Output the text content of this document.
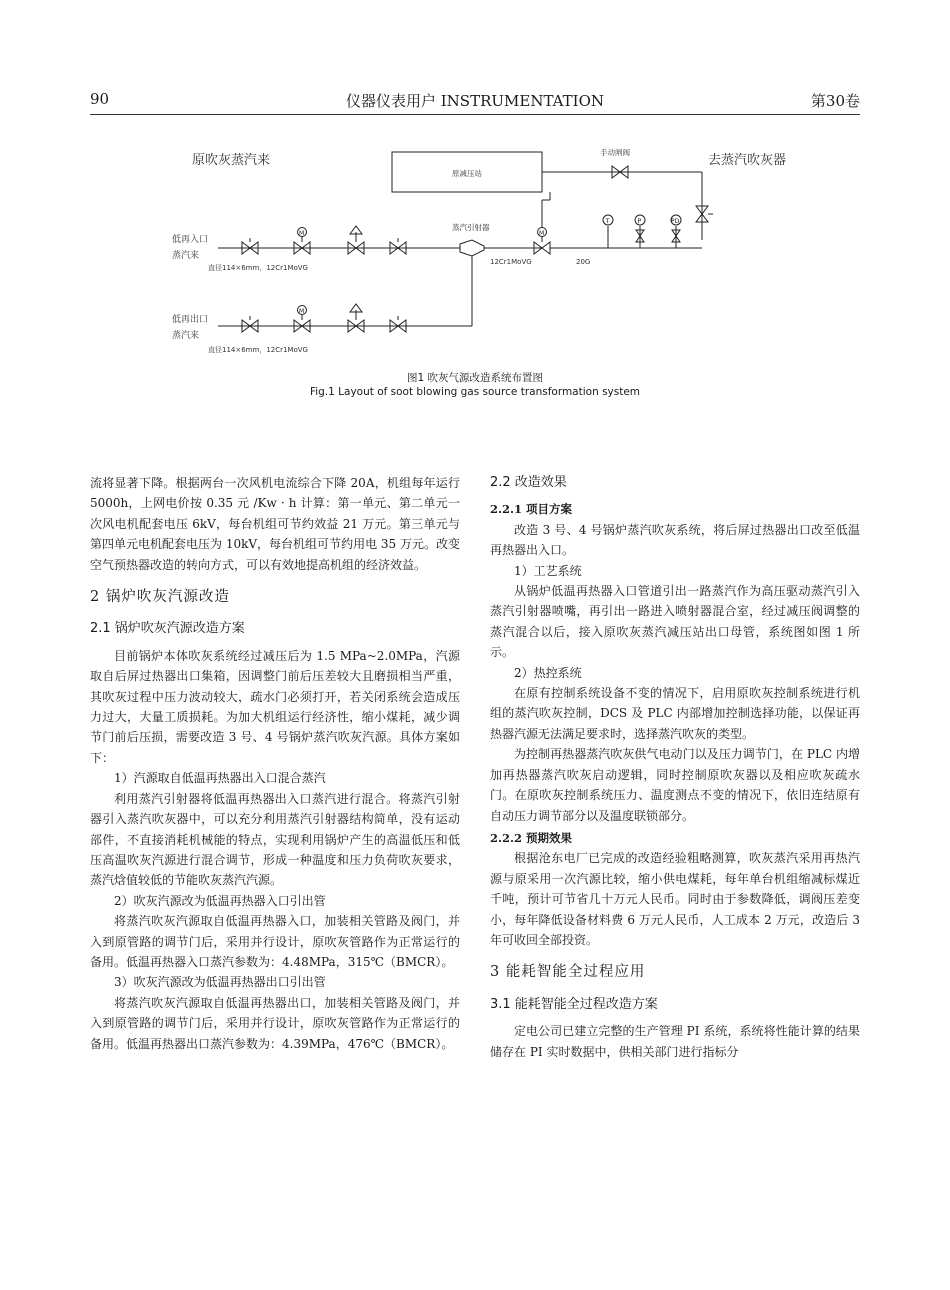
90	仪器仪表用户 INSTRUMENTATION	第30卷
原吹灰蒸汽来
原减压站
手动闸阀
去蒸汽吹灰器
蒸汽引射器
低再入口
蒸汽来
直径114×6mm，12Cr1MoVG
M
12Cr1MoVG
M
20G
T	P	PD
低再出口
蒸汽来
直径114×6mm，12Cr1MoVG
M
图1 吹灰气源改造系统布置图
Fig.1 Layout of soot blowing gas source transformation system

流将显著下降。根据两台一次风机电流综合下降 20A，机组每年运行 5000h，上网电价按 0.35 元 /Kw · h 计算：第一单元、第二单元一次风电机配套电压 6kV，每台机组可节约效益 21 万元。第三单元与第四单元电机配套电压为 10kV，每台机组可节约用电 35 万元。改变空气预热器改造的转向方式，可以有效地提高机组的经济效益。

2 锅炉吹灰汽源改造
2.1 锅炉吹灰汽源改造方案

目前锅炉本体吹灰系统经过减压后为 1.5 MPa~2.0MPa，汽源取自后屏过热器出口集箱，因调整门前后压差较大且磨损相当严重，其吹灰过程中压力波动较大，疏水门必须打开，若关闭系统会造成压力过大，大量工质损耗。为加大机组运行经济性，缩小煤耗，减少调节门前后压损，需要改造 3 号、4 号锅炉蒸汽吹灰汽源。具体方案如下：

1）汽源取自低温再热器出入口混合蒸汽

利用蒸汽引射器将低温再热器出入口蒸汽进行混合。将蒸汽引射器引入蒸汽吹灰器中，可以充分利用蒸汽引射器结构简单，没有运动部件，不直接消耗机械能的特点，实现利用锅炉产生的高温低压和低压高温吹灰汽源进行混合调节，形成一种温度和压力负荷吹灰要求，蒸汽焓值较低的节能吹灰蒸汽汽源。

2）吹灰汽源改为低温再热器入口引出管

将蒸汽吹灰汽源取自低温再热器入口，加装相关管路及阀门，并入到原管路的调节门后，采用并行设计，原吹灰管路作为正常运行的备用。低温再热器入口蒸汽参数为：4.48MPa，315℃（BMCR）。

3）吹灰汽源改为低温再热器出口引出管

将蒸汽吹灰汽源取自低温再热器出口，加装相关管路及阀门，并入到原管路的调节门后，采用并行设计，原吹灰管路作为正常运行的备用。低温再热器出口蒸汽参数为：4.39MPa，476℃（BMCR）。

2.2 改造效果
2.2.1 项目方案

改造 3 号、4 号锅炉蒸汽吹灰系统，将后屏过热器出口改至低温再热器出入口。

1）工艺系统

从锅炉低温再热器入口管道引出一路蒸汽作为高压驱动蒸汽引入蒸汽引射器喷嘴，再引出一路进入喷射器混合室，经过减压阀调整的蒸汽混合以后，接入原吹灰蒸汽减压站出口母管，系统图如图 1 所示。

2）热控系统

在原有控制系统设备不变的情况下，启用原吹灰控制系统进行机组的蒸汽吹灰控制，DCS 及 PLC 内部增加控制选择功能，以保证再热器汽源无法满足要求时，选择蒸汽吹灰的类型。

为控制再热器蒸汽吹灰供气电动门以及压力调节门，在 PLC 内增加再热器蒸汽吹灰启动逻辑，同时控制原吹灰器以及相应吹灰疏水门。在原吹灰控制系统压力、温度测点不变的情况下，依旧连结原有自动压力调节部分以及温度联锁部分。

2.2.2 预期效果

根据沧东电厂已完成的改造经验粗略测算，吹灰蒸汽采用再热汽源与原采用一次汽源比较，缩小供电煤耗，每年单台机组缩减标煤近千吨，预计可节省几十万元人民币。同时由于参数降低，调阀压差变小，每年降低设备材料费 6 万元人民币，人工成本 2 万元，改造后 3 年可收回全部投资。

3 能耗智能全过程应用
3.1 能耗智能全过程改造方案

定电公司已建立完整的生产管理 PI 系统，系统将性能计算的结果储存在 PI 实时数据中，供相关部门进行指标分
